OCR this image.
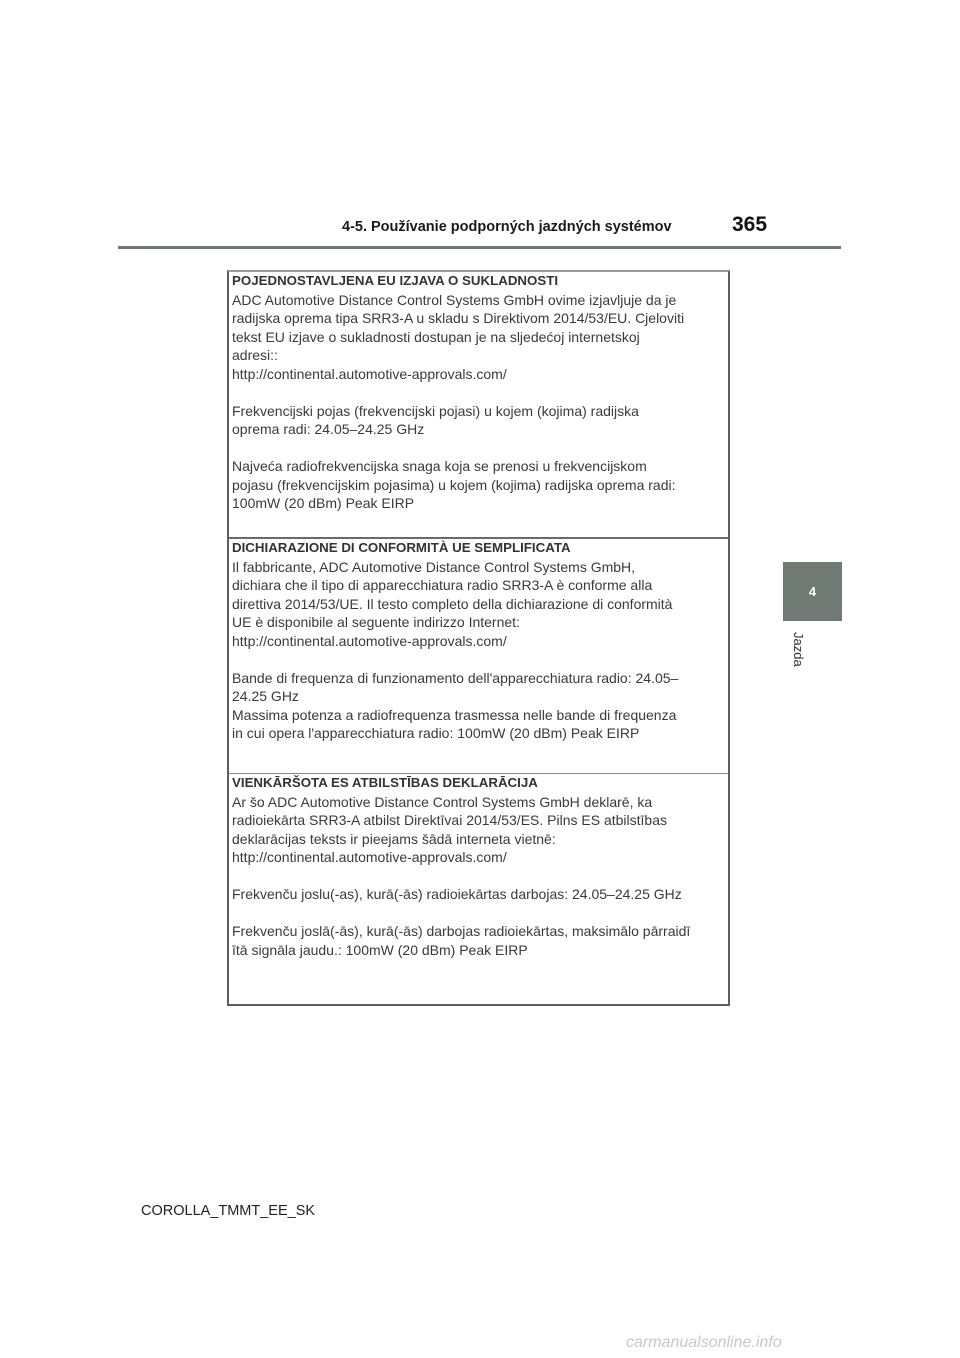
4-5. Používanie podporných jazdných systémov	365
4
Jazda
POJEDNOSTAVLJENA EU IZJAVA O SUKLADNOSTI
ADC Automotive Distance Control Systems GmbH ovime izjavljuje da je
radijska oprema tipa SRR3-A u skladu s Direktivom 2014/53/EU. Cjeloviti
tekst EU izjave o sukladnosti dostupan je na sljedećoj internetskoj
adresi::
http://continental.automotive-approvals.com/
Frekvencijski pojas (frekvencijski pojasi) u kojem (kojima) radijska
oprema radi: 24.05–24.25 GHz
Najveća radiofrekvencijska snaga koja se prenosi u frekvencijskom
pojasu (frekvencijskim pojasima) u kojem (kojima) radijska oprema radi:
100mW (20 dBm) Peak EIRP
DICHIARAZIONE DI CONFORMITÀ UE SEMPLIFICATA
Il fabbricante, ADC Automotive Distance Control Systems GmbH,
dichiara che il tipo di apparecchiatura radio SRR3-A è conforme alla
direttiva 2014/53/UE. Il testo completo della dichiarazione di conformità
UE è disponibile al seguente indirizzo Internet:
http://continental.automotive-approvals.com/
Bande di frequenza di funzionamento dell'apparecchiatura radio: 24.05–
24.25 GHz
Massima potenza a radiofrequenza trasmessa nelle bande di frequenza
in cui opera l'apparecchiatura radio: 100mW (20 dBm) Peak EIRP
VIENKĀRŠOTA ES ATBILSTĪBAS DEKLARĀCIJA
Ar šo ADC Automotive Distance Control Systems GmbH deklarē, ka
radioiekārta SRR3-A atbilst Direktīvai 2014/53/ES. Pilns ES atbilstības
deklarācijas teksts ir pieejams šādā interneta vietnē:
http://continental.automotive-approvals.com/
Frekvenču joslu(-as), kurā(-ās) radioiekārtas darbojas: 24.05–24.25 GHz
Frekvenču joslā(-ās), kurā(-ās) darbojas radioiekārtas, maksimālo pārraidī
ītā signāla jaudu.: 100mW (20 dBm) Peak EIRP
COROLLA_TMMT_EE_SK
carmanualsonline.info
